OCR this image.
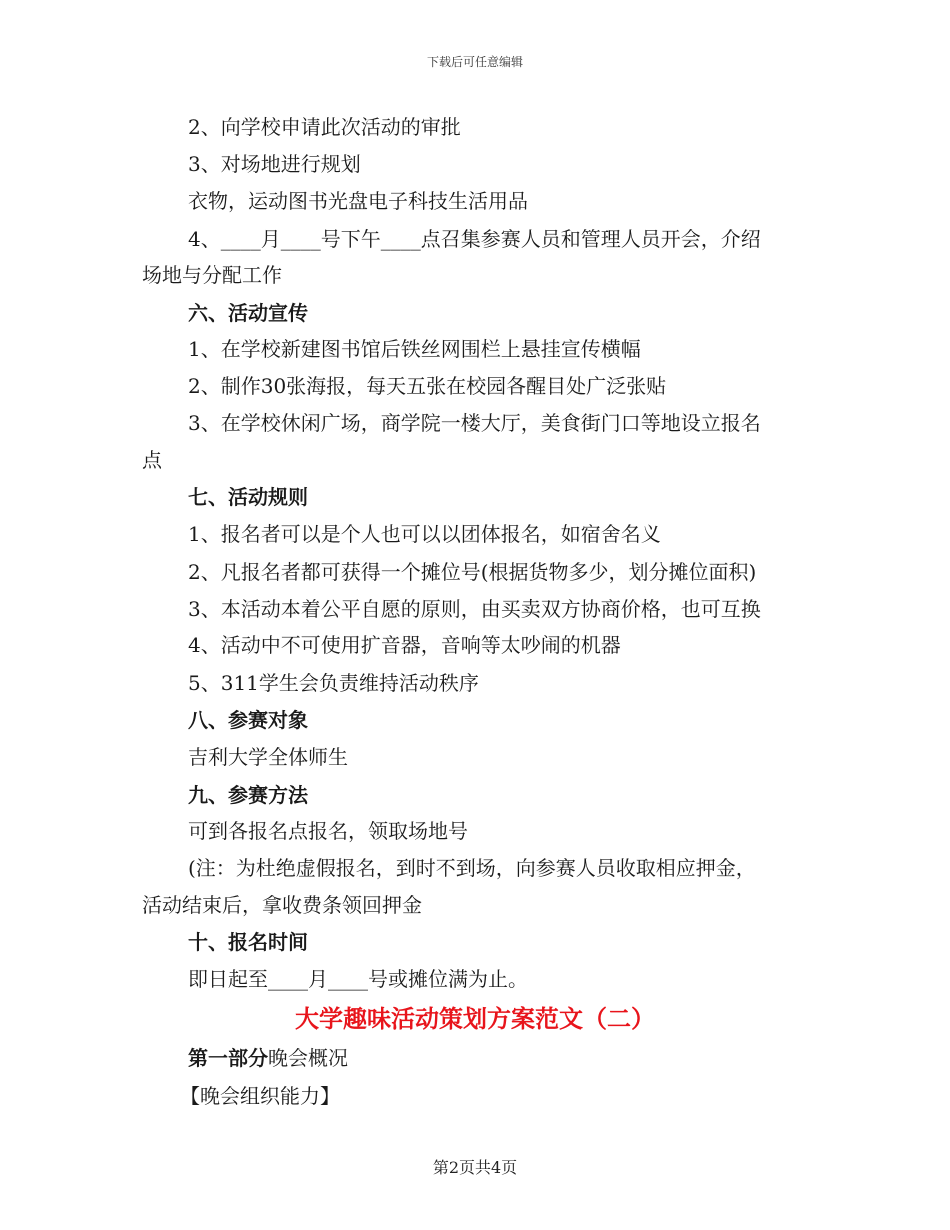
下载后可任意编辑
2、向学校申请此次活动的审批
3、对场地进行规划
衣物，运动图书光盘电子科技生活用品
4、____月____号下午____点召集参赛人员和管理人员开会，介绍
场地与分配工作
六、活动宣传
1、在学校新建图书馆后铁丝网围栏上悬挂宣传横幅
2、制作30张海报，每天五张在校园各醒目处广泛张贴
3、在学校休闲广场，商学院一楼大厅，美食街门口等地设立报名
点
七、活动规则
1、报名者可以是个人也可以以团体报名，如宿舍名义
2、凡报名者都可获得一个摊位号(根据货物多少，划分摊位面积)
3、本活动本着公平自愿的原则，由买卖双方协商价格，也可互换
4、活动中不可使用扩音器，音响等太吵闹的机器
5、311学生会负责维持活动秩序
八、参赛对象
吉利大学全体师生
九、参赛方法
可到各报名点报名，领取场地号
(注：为杜绝虚假报名，到时不到场，向参赛人员收取相应押金，
活动结束后，拿收费条领回押金
十、报名时间
即日起至____月____号或摊位满为止。
大学趣味活动策划方案范文（二）
第一部分晚会概况
【晚会组织能力】
第2页共4页
